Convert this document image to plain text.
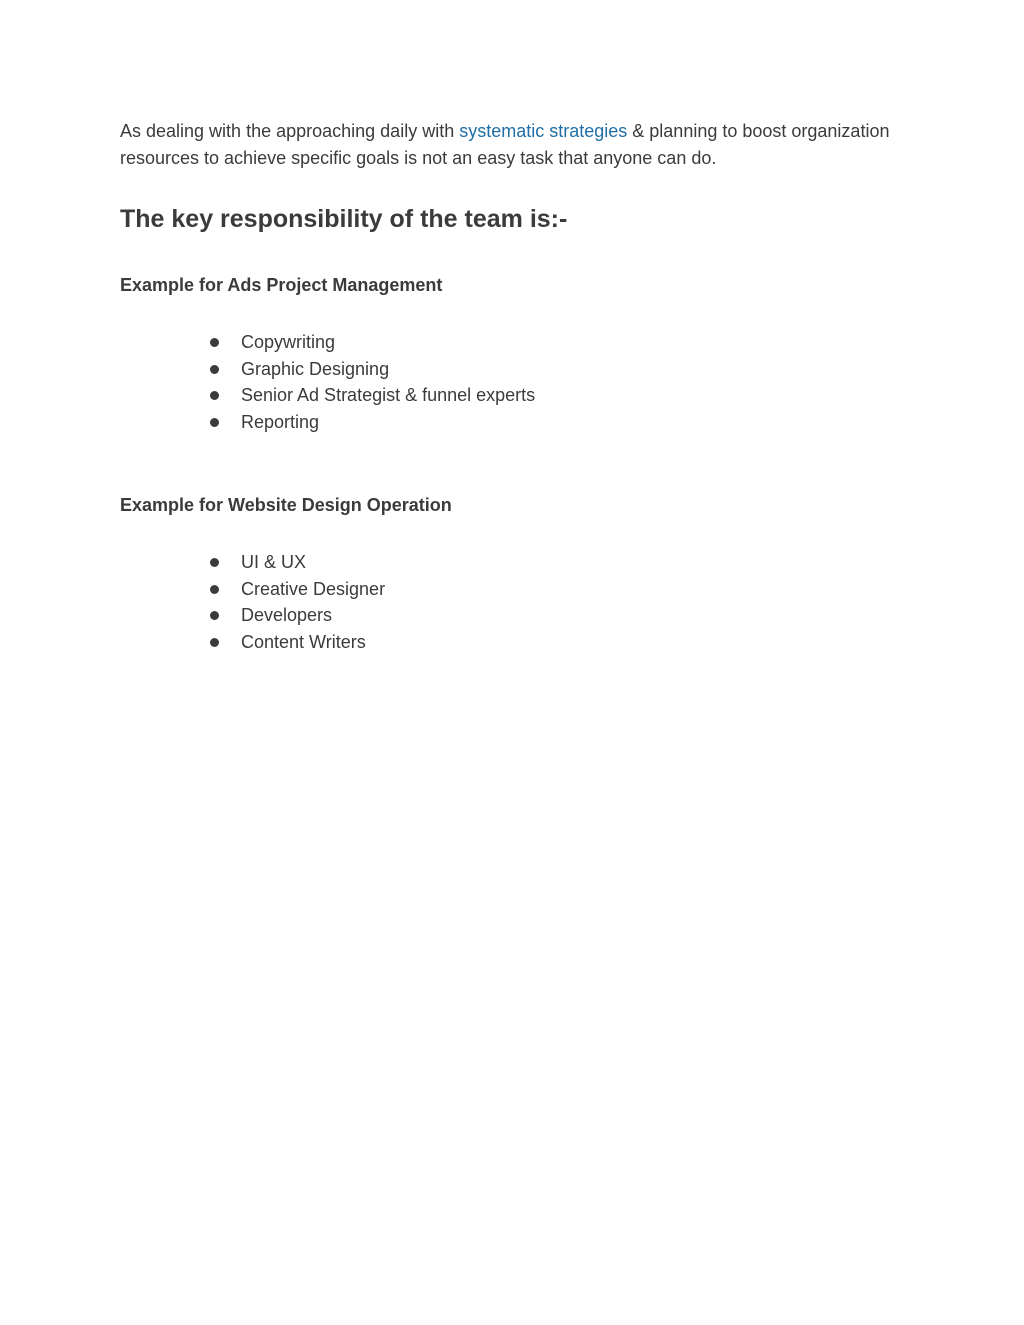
As dealing with the approaching daily with systematic strategies & planning to boost organization resources to achieve specific goals is not an easy task that anyone can do.

The key responsibility of the team is:-
Example for Ads Project Management
Copywriting
Graphic Designing
Senior Ad Strategist & funnel experts
Reporting
Example for Website Design Operation
UI & UX
Creative Designer
Developers
Content Writers
